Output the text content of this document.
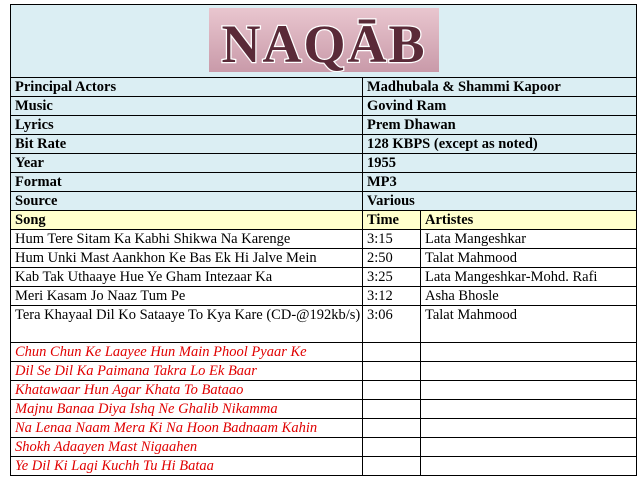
NAQĀB		

Principal Actors	Madhubala & Shammi Kapoor	
Music	Govind Ram	
Lyrics	Prem Dhawan	
Bit Rate	128 KBPS (except as noted)	
Year	1955	
Format	MP3	
Source	Various	
Song	Time	Artistes
Hum Tere Sitam Ka Kabhi Shikwa Na Karenge	3:15	Lata Mangeshkar
Hum Unki Mast Aankhon Ke Bas Ek Hi Jalve Mein	2:50	Talat Mahmood
Kab Tak Uthaaye Hue Ye Gham Intezaar Ka	3:25	Lata Mangeshkar-Mohd. Rafi
Meri Kasam Jo Naaz Tum Pe	3:12	Asha Bhosle
Tera Khayaal Dil Ko Sataaye To Kya Kare (CD-@192kb/s)	3:06	Talat Mahmood
Chun Chun Ke Laayee Hun Main Phool Pyaar Ke		
Dil Se Dil Ka Paimana Takra Lo Ek Baar		
Khatawaar Hun Agar Khata To Bataao		
Majnu Banaa Diya Ishq Ne Ghalib Nikamma		
Na Lenaa Naam Mera Ki Na Hoon Badnaam Kahin		
Shokh Adaayen Mast Nigaahen		
Ye Dil Ki Lagi Kuchh Tu Hi Bataa		
